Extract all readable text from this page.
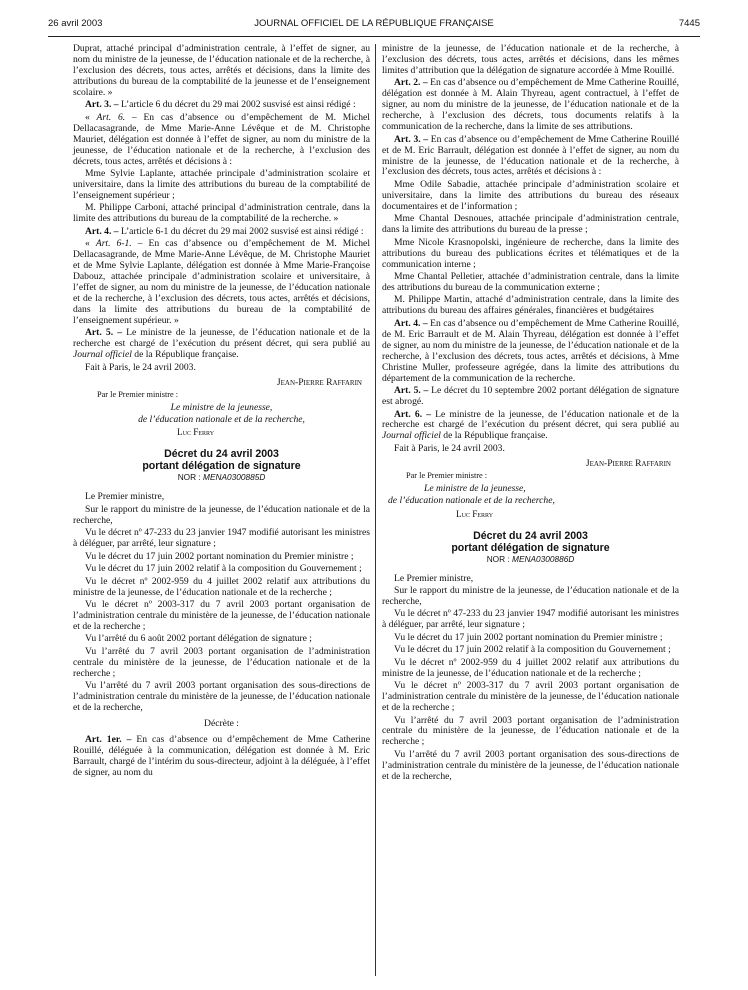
26 avril 2003	JOURNAL OFFICIEL DE LA RÉPUBLIQUE FRANÇAISE	7445

Duprat, attaché principal d’administration centrale, à l’effet de signer, au nom du ministre de la jeunesse, de l’éducation nationale et de la recherche, à l’exclusion des décrets, tous actes, arrêtés et décisions, dans la limite des attributions du bureau de la comptabilité de la jeunesse et de l’enseignement scolaire. »

Art. 3. – L’article 6 du décret du 29 mai 2002 susvisé est ainsi rédigé :

« Art. 6. – En cas d’absence ou d’empêchement de M. Michel Dellacasagrande, de Mme Marie-Anne Lévêque et de M. Christophe Mauriet, délégation est donnée à l’effet de signer, au nom du ministre de la jeunesse, de l’éducation nationale et de la recherche, à l’exclusion des décrets, tous actes, arrêtés et décisions à :

Mme Sylvie Laplante, attachée principale d’administration scolaire et universitaire, dans la limite des attributions du bureau de la comptabilité de l’enseignement supérieur ;

M. Philippe Carboni, attaché principal d’administration centrale, dans la limite des attributions du bureau de la comptabilité de la recherche. »

Art. 4. – L’article 6-1 du décret du 29 mai 2002 susvisé est ainsi rédigé :

« Art. 6-1. – En cas d’absence ou d’empêchement de M. Michel Dellacasagrande, de Mme Marie-Anne Lévêque, de M. Christophe Mauriet et de Mme Sylvie Laplante, délégation est donnée à Mme Marie-Françoise Dabouz, attachée principale d’administration scolaire et universitaire, à l’effet de signer, au nom du ministre de la jeunesse, de l’éducation nationale et de la recherche, à l’exclusion des décrets, tous actes, arrêtés et décisions, dans la limite des attributions du bureau de la comptabilité de l’enseignement supérieur. »

Art. 5. – Le ministre de la jeunesse, de l’éducation nationale et de la recherche est chargé de l’exécution du présent décret, qui sera publié au Journal officiel de la République française.

Fait à Paris, le 24 avril 2003.

Jean-Pierre Raffarin

Par le Premier ministre :

Le ministre de la jeunesse,

de l’éducation nationale et de la recherche,

Luc Ferry

Décret du 24 avril 2003
portant délégation de signature
NOR : MENA0300885D

Le Premier ministre,

Sur le rapport du ministre de la jeunesse, de l’éducation nationale et de la recherche,

Vu le décret nº 47-233 du 23 janvier 1947 modifié autorisant les ministres à déléguer, par arrêté, leur signature ;

Vu le décret du 17 juin 2002 portant nomination du Premier ministre ;

Vu le décret du 17 juin 2002 relatif à la composition du Gouvernement ;

Vu le décret nº 2002-959 du 4 juillet 2002 relatif aux attributions du ministre de la jeunesse, de l’éducation nationale et de la recherche ;

Vu le décret nº 2003-317 du 7 avril 2003 portant organisation de l’administration centrale du ministère de la jeunesse, de l’éducation nationale et de la recherche ;

Vu l’arrêté du 6 août 2002 portant délégation de signature ;

Vu l’arrêté du 7 avril 2003 portant organisation de l’administration centrale du ministère de la jeunesse, de l’éducation nationale et de la recherche ;

Vu l’arrêté du 7 avril 2003 portant organisation des sous-directions de l’administration centrale du ministère de la jeunesse, de l’éducation nationale et de la recherche,

Décrète :

Art. 1er. – En cas d’absence ou d’empêchement de Mme Catherine Rouillé, déléguée à la communication, délégation est donnée à M. Eric Barrault, chargé de l’intérim du sous-directeur, adjoint à la déléguée, à l’effet de signer, au nom du

ministre de la jeunesse, de l’éducation nationale et de la recherche, à l’exclusion des décrets, tous actes, arrêtés et décisions, dans les mêmes limites d’attribution que la délégation de signature accordée à Mme Rouillé.

Art. 2. – En cas d’absence ou d’empêchement de Mme Catherine Rouillé, délégation est donnée à M. Alain Thyreau, agent contractuel, à l’effet de signer, au nom du ministre de la jeunesse, de l’éducation nationale et de la recherche, à l’exclusion des décrets, tous documents relatifs à la communication de la recherche, dans la limite de ses attributions.

Art. 3. – En cas d’absence ou d’empêchement de Mme Catherine Rouillé et de M. Eric Barrault, délégation est donnée à l’effet de signer, au nom du ministre de la jeunesse, de l’éducation nationale et de la recherche, à l’exclusion des décrets, tous actes, arrêtés et décisions à :

Mme Odile Sabadie, attachée principale d’administration scolaire et universitaire, dans la limite des attributions du bureau des réseaux documentaires et de l’information ;

Mme Chantal Desnoues, attachée principale d’administration centrale, dans la limite des attributions du bureau de la presse ;

Mme Nicole Krasnopolski, ingénieure de recherche, dans la limite des attributions du bureau des publications écrites et télématiques et de la communication interne ;

Mme Chantal Pelletier, attachée d’administration centrale, dans la limite des attributions du bureau de la communication externe ;

M. Philippe Martin, attaché d’administration centrale, dans la limite des attributions du bureau des affaires générales, financières et budgétaires

Art. 4. – En cas d’absence ou d’empêchement de Mme Catherine Rouillé, de M. Eric Barrault et de M. Alain Thyreau, délégation est donnée à l’effet de signer, au nom du ministre de la jeunesse, de l’éducation nationale et de la recherche, à l’exclusion des décrets, tous actes, arrêtés et décisions, à Mme Christine Muller, professeure agrégée, dans la limite des attributions du département de la communication de la recherche.

Art. 5. – Le décret du 10 septembre 2002 portant délégation de signature est abrogé.

Art. 6. – Le ministre de la jeunesse, de l’éducation nationale et de la recherche est chargé de l’exécution du présent décret, qui sera publié au Journal officiel de la République française.

Fait à Paris, le 24 avril 2003.

Jean-Pierre Raffarin

Par le Premier ministre :

Le ministre de la jeunesse,

de l’éducation nationale et de la recherche,

Luc Ferry

Décret du 24 avril 2003
portant délégation de signature
NOR : MENA0300886D

Le Premier ministre,

Sur le rapport du ministre de la jeunesse, de l’éducation nationale et de la recherche,

Vu le décret nº 47-233 du 23 janvier 1947 modifié autorisant les ministres à déléguer, par arrêté, leur signature ;

Vu le décret du 17 juin 2002 portant nomination du Premier ministre ;

Vu le décret du 17 juin 2002 relatif à la composition du Gouvernement ;

Vu le décret nº 2002-959 du 4 juillet 2002 relatif aux attributions du ministre de la jeunesse, de l’éducation nationale et de la recherche ;

Vu le décret nº 2003-317 du 7 avril 2003 portant organisation de l’administration centrale du ministère de la jeunesse, de l’éducation nationale et de la recherche ;

Vu l’arrêté du 7 avril 2003 portant organisation de l’administration centrale du ministère de la jeunesse, de l’éducation nationale et de la recherche ;

Vu l’arrêté du 7 avril 2003 portant organisation des sous-directions de l’administration centrale du ministère de la jeunesse, de l’éducation nationale et de la recherche,
